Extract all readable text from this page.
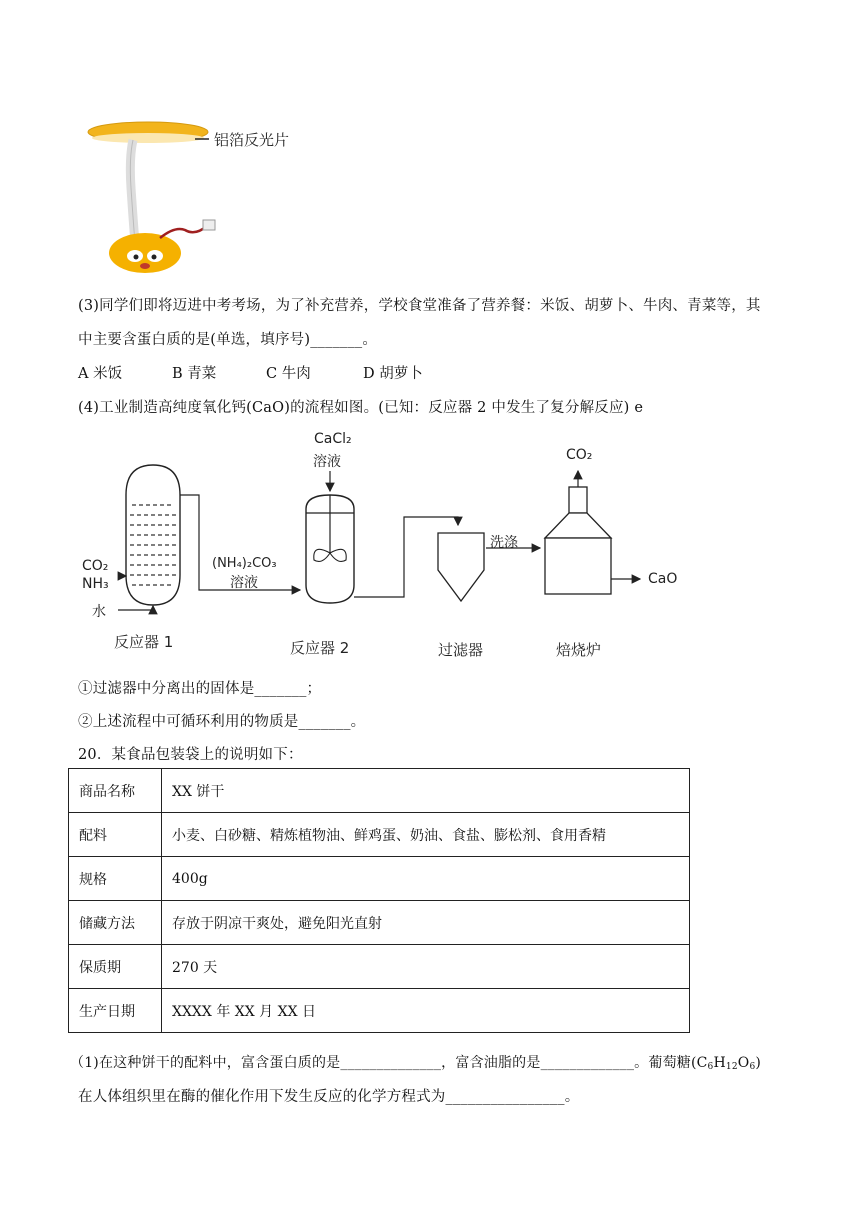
铝箔反光片
(3)同学们即将迈进中考考场，为了补充营养，学校食堂准备了营养餐：米饭、胡萝卜、牛肉、青菜等，其
中主要含蛋白质的是(单选，填序号)_______。
A 米饭	B 青菜	C 牛肉	D 胡萝卜
(4)工业制造高纯度氧化钙(CaO)的流程如图。(已知：反应器 2 中发生了复分解反应) e
CO₂
NH₃
水
反应器 1
(NH₄)₂CO₃
溶液
CaCl₂
溶液
反应器 2	过滤器
洗涤
CO₂
CaO
焙烧炉
①过滤器中分离出的固体是_______；
②上述流程中可循环利用的物质是_______。
20．某食品包装袋上的说明如下：
商品名称	XX 饼干
配料	小麦、白砂糖、精炼植物油、鲜鸡蛋、奶油、食盐、膨松剂、食用香精
规格	400g
储藏方法	存放于阴凉干爽处，避免阳光直射
保质期	270 天
生产日期	XXXX 年 XX 月 XX 日
（1)在这种饼干的配料中，富含蛋白质的是______________，富含油脂的是_____________。葡萄糖$(C_6H_{12}O_6)$
在人体组织里在酶的催化作用下发生反应的化学方程式为________________。
